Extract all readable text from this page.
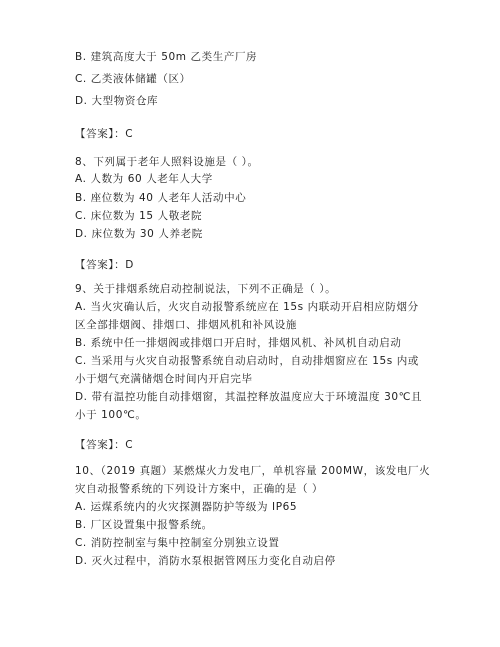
B. 建筑高度大于 50m 乙类生产厂房
C. 乙类液体储罐（区）
D. 大型物资仓库
【答案】：C
8、下列属于老年人照料设施是（ ）。
A. 人数为 60 人老年人大学
B. 座位数为 40 人老年人活动中心
C. 床位数为 15 人敬老院
D. 床位数为 30 人养老院
【答案】：D
9、关于排烟系统启动控制说法，下列不正确是（ ）。
A. 当火灾确认后，火灾自动报警系统应在 15s 内联动开启相应防烟分
区全部排烟阀、排烟口、排烟风机和补风设施
B. 系统中任一排烟阀或排烟口开启时，排烟风机、补风机自动启动
C. 当采用与火灾自动报警系统自动启动时，自动排烟窗应在 15s 内或
小于烟气充满储烟仓时间内开启完毕
D. 带有温控功能自动排烟窗，其温控释放温度应大于环境温度 30℃且
小于 100℃。
【答案】：C
10、（2019 真题）某燃煤火力发电厂，单机容量 200MW，该发电厂火
灾自动报警系统的下列设计方案中，正确的是（ ）
A. 运煤系统内的火灾探测器防护等级为 IP65
B. 厂区设置集中报警系统。
C. 消防控制室与集中控制室分别独立设置
D. 灭火过程中，消防水泵根据管网压力变化自动启停
